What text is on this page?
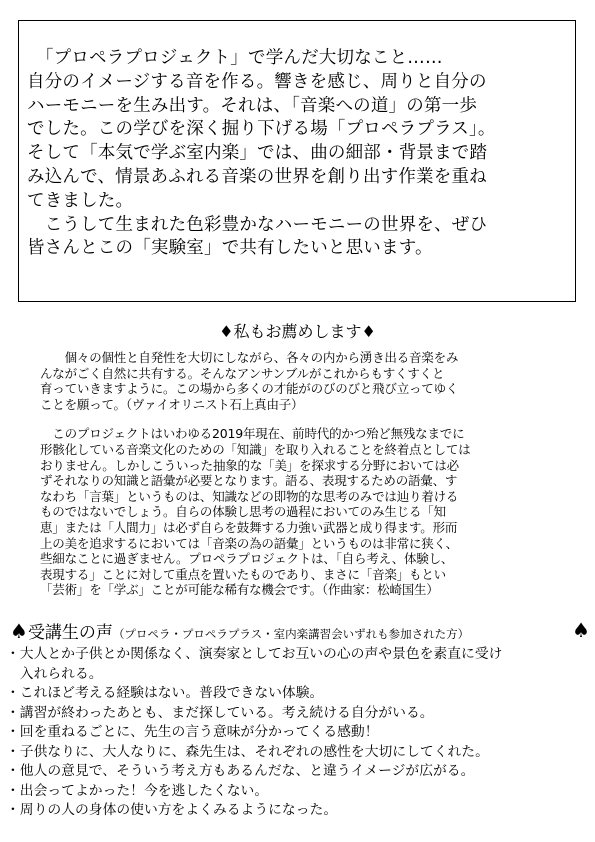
　「プロペラプロジェクト」で学んだ大切なこと……

自分のイメージする音を作る。響きを感じ、周りと自分の

ハーモニーを生み出す。それは、「音楽への道」の第一歩

でした。この学びを深く掘り下げる場「プロペラプラス」。

そして「本気で学ぶ室内楽」では、曲の細部・背景まで踏

み込んで、情景あふれる音楽の世界を創り出す作業を重ね

てきました。

　こうして生まれた色彩豊かなハーモニーの世界を、ぜひ

皆さんとこの「実験室」で共有したいと思います。

♦私もお薦めします♦

　　個々の個性と自発性を大切にしながら、各々の内から湧き出る音楽をみ
んながごく自然に共有する。そんなアンサンブルがこれからもすくすくと
育っていきますように。この場から多くの才能がのびのびと飛び立ってゆく
ことを願って。（ヴァイオリニスト石上真由子）

　このプロジェクトはいわゆる2019年現在、前時代的かつ殆ど無残なまでに
形骸化している音楽文化のための「知識」を取り入れることを終着点としては
おりません。しかしこういった抽象的な「美」を探求する分野においては必
ずそれなりの知識と語彙が必要となります。語る、表現するための語彙、す
なわち「言葉」というものは、知識などの即物的な思考のみでは辿り着ける
ものではないでしょう。自らの体験し思考の過程においてのみ生じる「知
恵」または「人間力」は必ず自らを鼓舞する力強い武器と成り得ます。形而
上の美を追求するにおいては「音楽の為の語彙」というものは非常に狭く、
些細なことに過ぎません。プロペラプロジェクトは、「自ら考え、体験し、
表現する」ことに対して重点を置いたものであり、まさに「音楽」もとい
「芸術」を「学ぶ」ことが可能な稀有な機会です。（作曲家：松崎国生）

♠受講生の声（プロペラ・プロペラプラス・室内楽講習会いずれも参加された方）	♠
・大人とか子供とか関係なく、演奏家としてお互いの心の声や景色を素直に受け
　入れられる。
・これほど考える経験はない。普段できない体験。
・講習が終わったあとも、まだ探している。考え続ける自分がいる。
・回を重ねるごとに、先生の言う意味が分かってくる感動！
・子供なりに、大人なりに、森先生は、それぞれの感性を大切にしてくれた。
・他人の意見で、そういう考え方もあるんだな、と違うイメージが広がる。
・出会ってよかった！今を逃したくない。
・周りの人の身体の使い方をよくみるようになった。
